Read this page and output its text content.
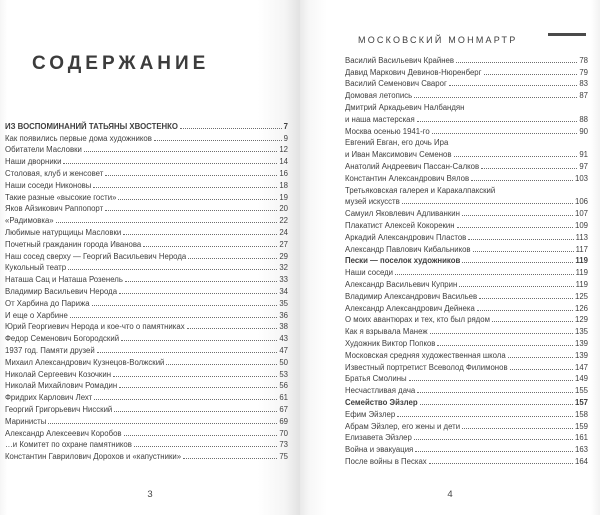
СОДЕРЖАНИЕ
ИЗ ВОСПОМИНАНИЙ ТАТЬЯНЫ ХВОСТЕНКО	7
Как появились первые дома художников	9
Обитатели Масловки	12
Наши дворники	14
Столовая, клуб и женсовет	16
Наши соседи Никоновы	18
Такие разные «высокие гости»	19
Яков Айзикович Раппопорт	20
«Радимовка»	22
Любимые натурщицы Масловки	24
Почетный гражданин города Иванова	27
Наш сосед сверху — Георгий Васильевич Нерода	29
Кукольный театр	32
Наташа Сац и Наташа Розенель	33
Владимир Васильевич Нерода	34
От Харбина до Парижа	35
И еще о Харбине	36
Юрий Георгиевич Нерода и кое-что о памятниках	38
Федор Семенович Богородский	43
1937 год. Памяти друзей	47
Михаил Александрович Кузнецов-Волжский	50
Николай Сергеевич Козочкин	53
Николай Михайлович Ромадин	56
Фридрих Карлович Лехт	61
Георгий Григорьевич Нисский	67
Маринисты	69
Александр Алексеевич Коробов	70
…и Комитет по охране памятников	73
Константин Гаврилович Дорохов и «капустники»	75
3
МОСКОВСКИЙ МОНМАРТР
Василий Васильевич Крайнев	78
Давид Маркович Девинов-Нюренберг	79
Василий Семенович Сварог	83
Домовая летопись	87
Дмитрий Аркадьевич Налбандян
и наша мастерская	88
Москва осенью 1941-го	90
Евгений Евган, его дочь Ира
и Иван Максимович Семенов	91
Анатолий Андреевич Пассан-Салков	97
Константин Александрович Вялов	103
Третьяковская галерея и Каракалпакский
музей искусств	106
Самуил Яковлевич Адливанкин	107
Плакатист Алексей Кокорекин	109
Аркадий Александрович Пластов	113
Александр Павлович Кибальников	117
Пески — поселок художников	119
Наши соседи	119
Александр Васильевич Куприн	119
Владимир Александрович Васильев	125
Александр Александрович Дейнека	126
О моих авантюрах и тех, кто был рядом	129
Как я взрывала Манеж	135
Художник Виктор Попков	139
Московская средняя художественная школа	139
Известный портретист Всеволод Филимонов	147
Братья Смолины	149
Несчастливая дача	155
Семейство Эйзлер	157
Ефим Эйзлер	158
Абрам Эйзлер, его жены и дети	159
Елизавета Эйзлер	161
Война и эвакуация	163
После войны в Песках	164
4
